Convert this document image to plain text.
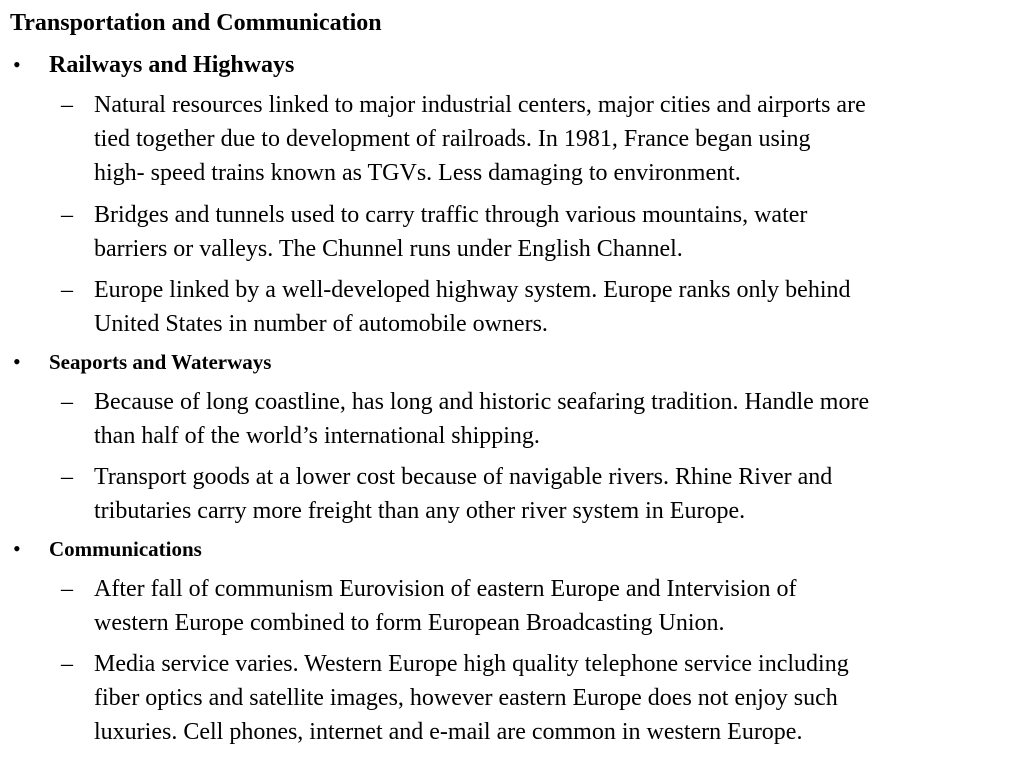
Transportation and Communication
• Railways and Highways
– Natural resources linked to major industrial centers, major cities and airports are
tied together due to development of railroads. In 1981, France began using
high- speed trains known as TGVs. Less damaging to environment.
– Bridges and tunnels used to carry traffic through various mountains, water
barriers or valleys. The Chunnel runs under English Channel.
– Europe linked by a well-developed highway system. Europe ranks only behind
United States in number of automobile owners.
• Seaports and Waterways
– Because of long coastline, has long and historic seafaring tradition. Handle more
than half of the world’s international shipping.
– Transport goods at a lower cost because of navigable rivers. Rhine River and
tributaries carry more freight than any other river system in Europe.
• Communications
– After fall of communism Eurovision of eastern Europe and Intervision of
western Europe combined to form European Broadcasting Union.
– Media service varies. Western Europe high quality telephone service including
fiber optics and satellite images, however eastern Europe does not enjoy such
luxuries. Cell phones, internet and e-mail are common in western Europe.
